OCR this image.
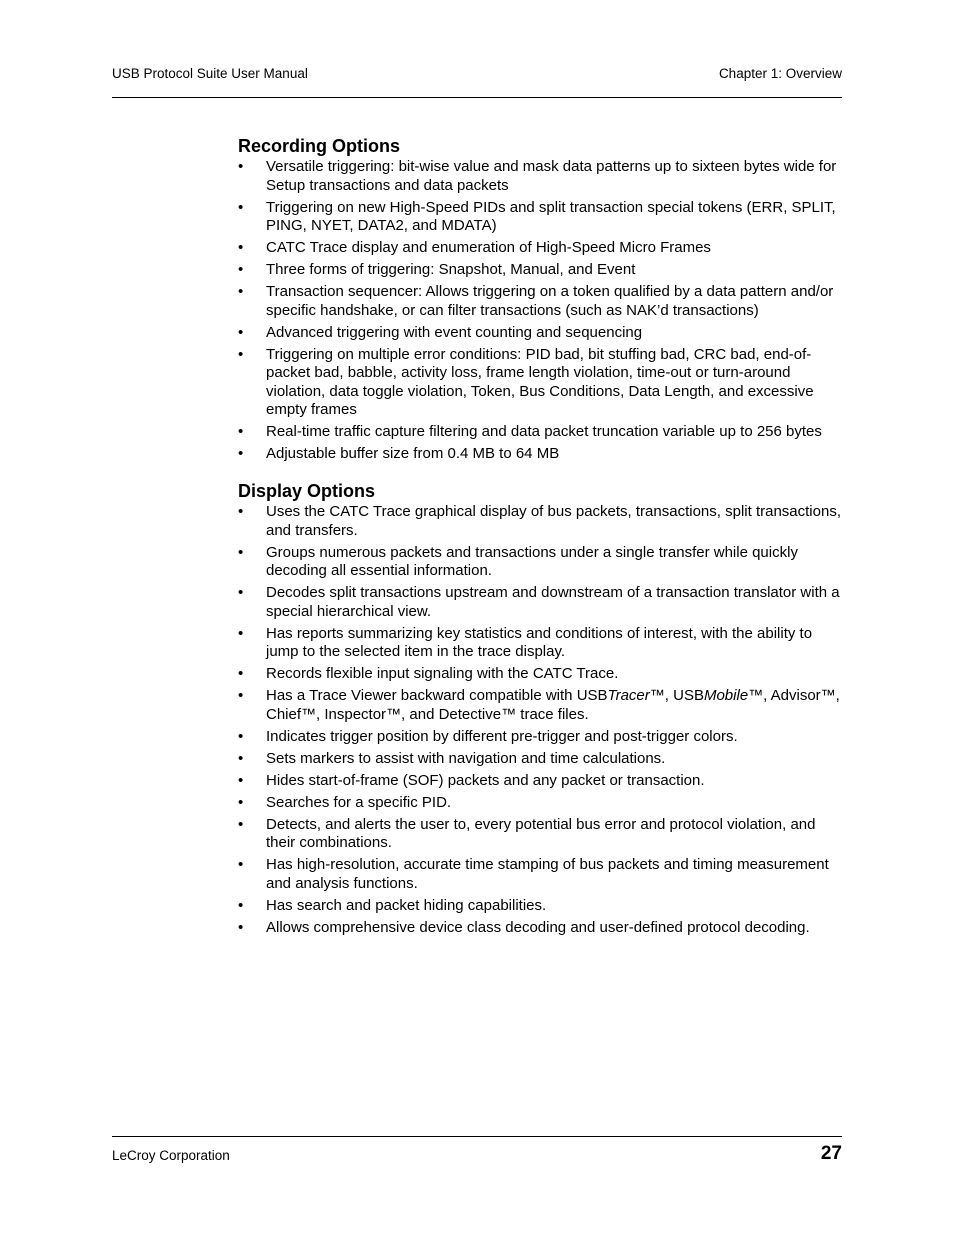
USB Protocol Suite User Manual	Chapter 1: Overview
Recording Options
• Versatile triggering: bit-wise value and mask data patterns up to sixteen bytes wide for Setup transactions and data packets
• Triggering on new High-Speed PIDs and split transaction special tokens (ERR, SPLIT, PING, NYET, DATA2, and MDATA)
• CATC Trace display and enumeration of High-Speed Micro Frames
• Three forms of triggering: Snapshot, Manual, and Event
• Transaction sequencer: Allows triggering on a token qualified by a data pattern and/or specific handshake, or can filter transactions (such as NAK’d transactions)
• Advanced triggering with event counting and sequencing
• Triggering on multiple error conditions: PID bad, bit stuffing bad, CRC bad, end-of-packet bad, babble, activity loss, frame length violation, time-out or turn-around violation, data toggle violation, Token, Bus Conditions, Data Length, and excessive empty frames
• Real-time traffic capture filtering and data packet truncation variable up to 256 bytes
• Adjustable buffer size from 0.4 MB to 64 MB
Display Options
• Uses the CATC Trace graphical display of bus packets, transactions, split transactions, and transfers.
• Groups numerous packets and transactions under a single transfer while quickly decoding all essential information.
• Decodes split transactions upstream and downstream of a transaction translator with a special hierarchical view.
• Has reports summarizing key statistics and conditions of interest, with the ability to jump to the selected item in the trace display.
• Records flexible input signaling with the CATC Trace.
• Has a Trace Viewer backward compatible with USBTracer™, USBMobile™, Advisor™, Chief™, Inspector™, and Detective™ trace files.
• Indicates trigger position by different pre-trigger and post-trigger colors.
• Sets markers to assist with navigation and time calculations.
• Hides start-of-frame (SOF) packets and any packet or transaction.
• Searches for a specific PID.
• Detects, and alerts the user to, every potential bus error and protocol violation, and their combinations.
• Has high-resolution, accurate time stamping of bus packets and timing measurement and analysis functions.
• Has search and packet hiding capabilities.
• Allows comprehensive device class decoding and user-defined protocol decoding.
LeCroy Corporation	27
